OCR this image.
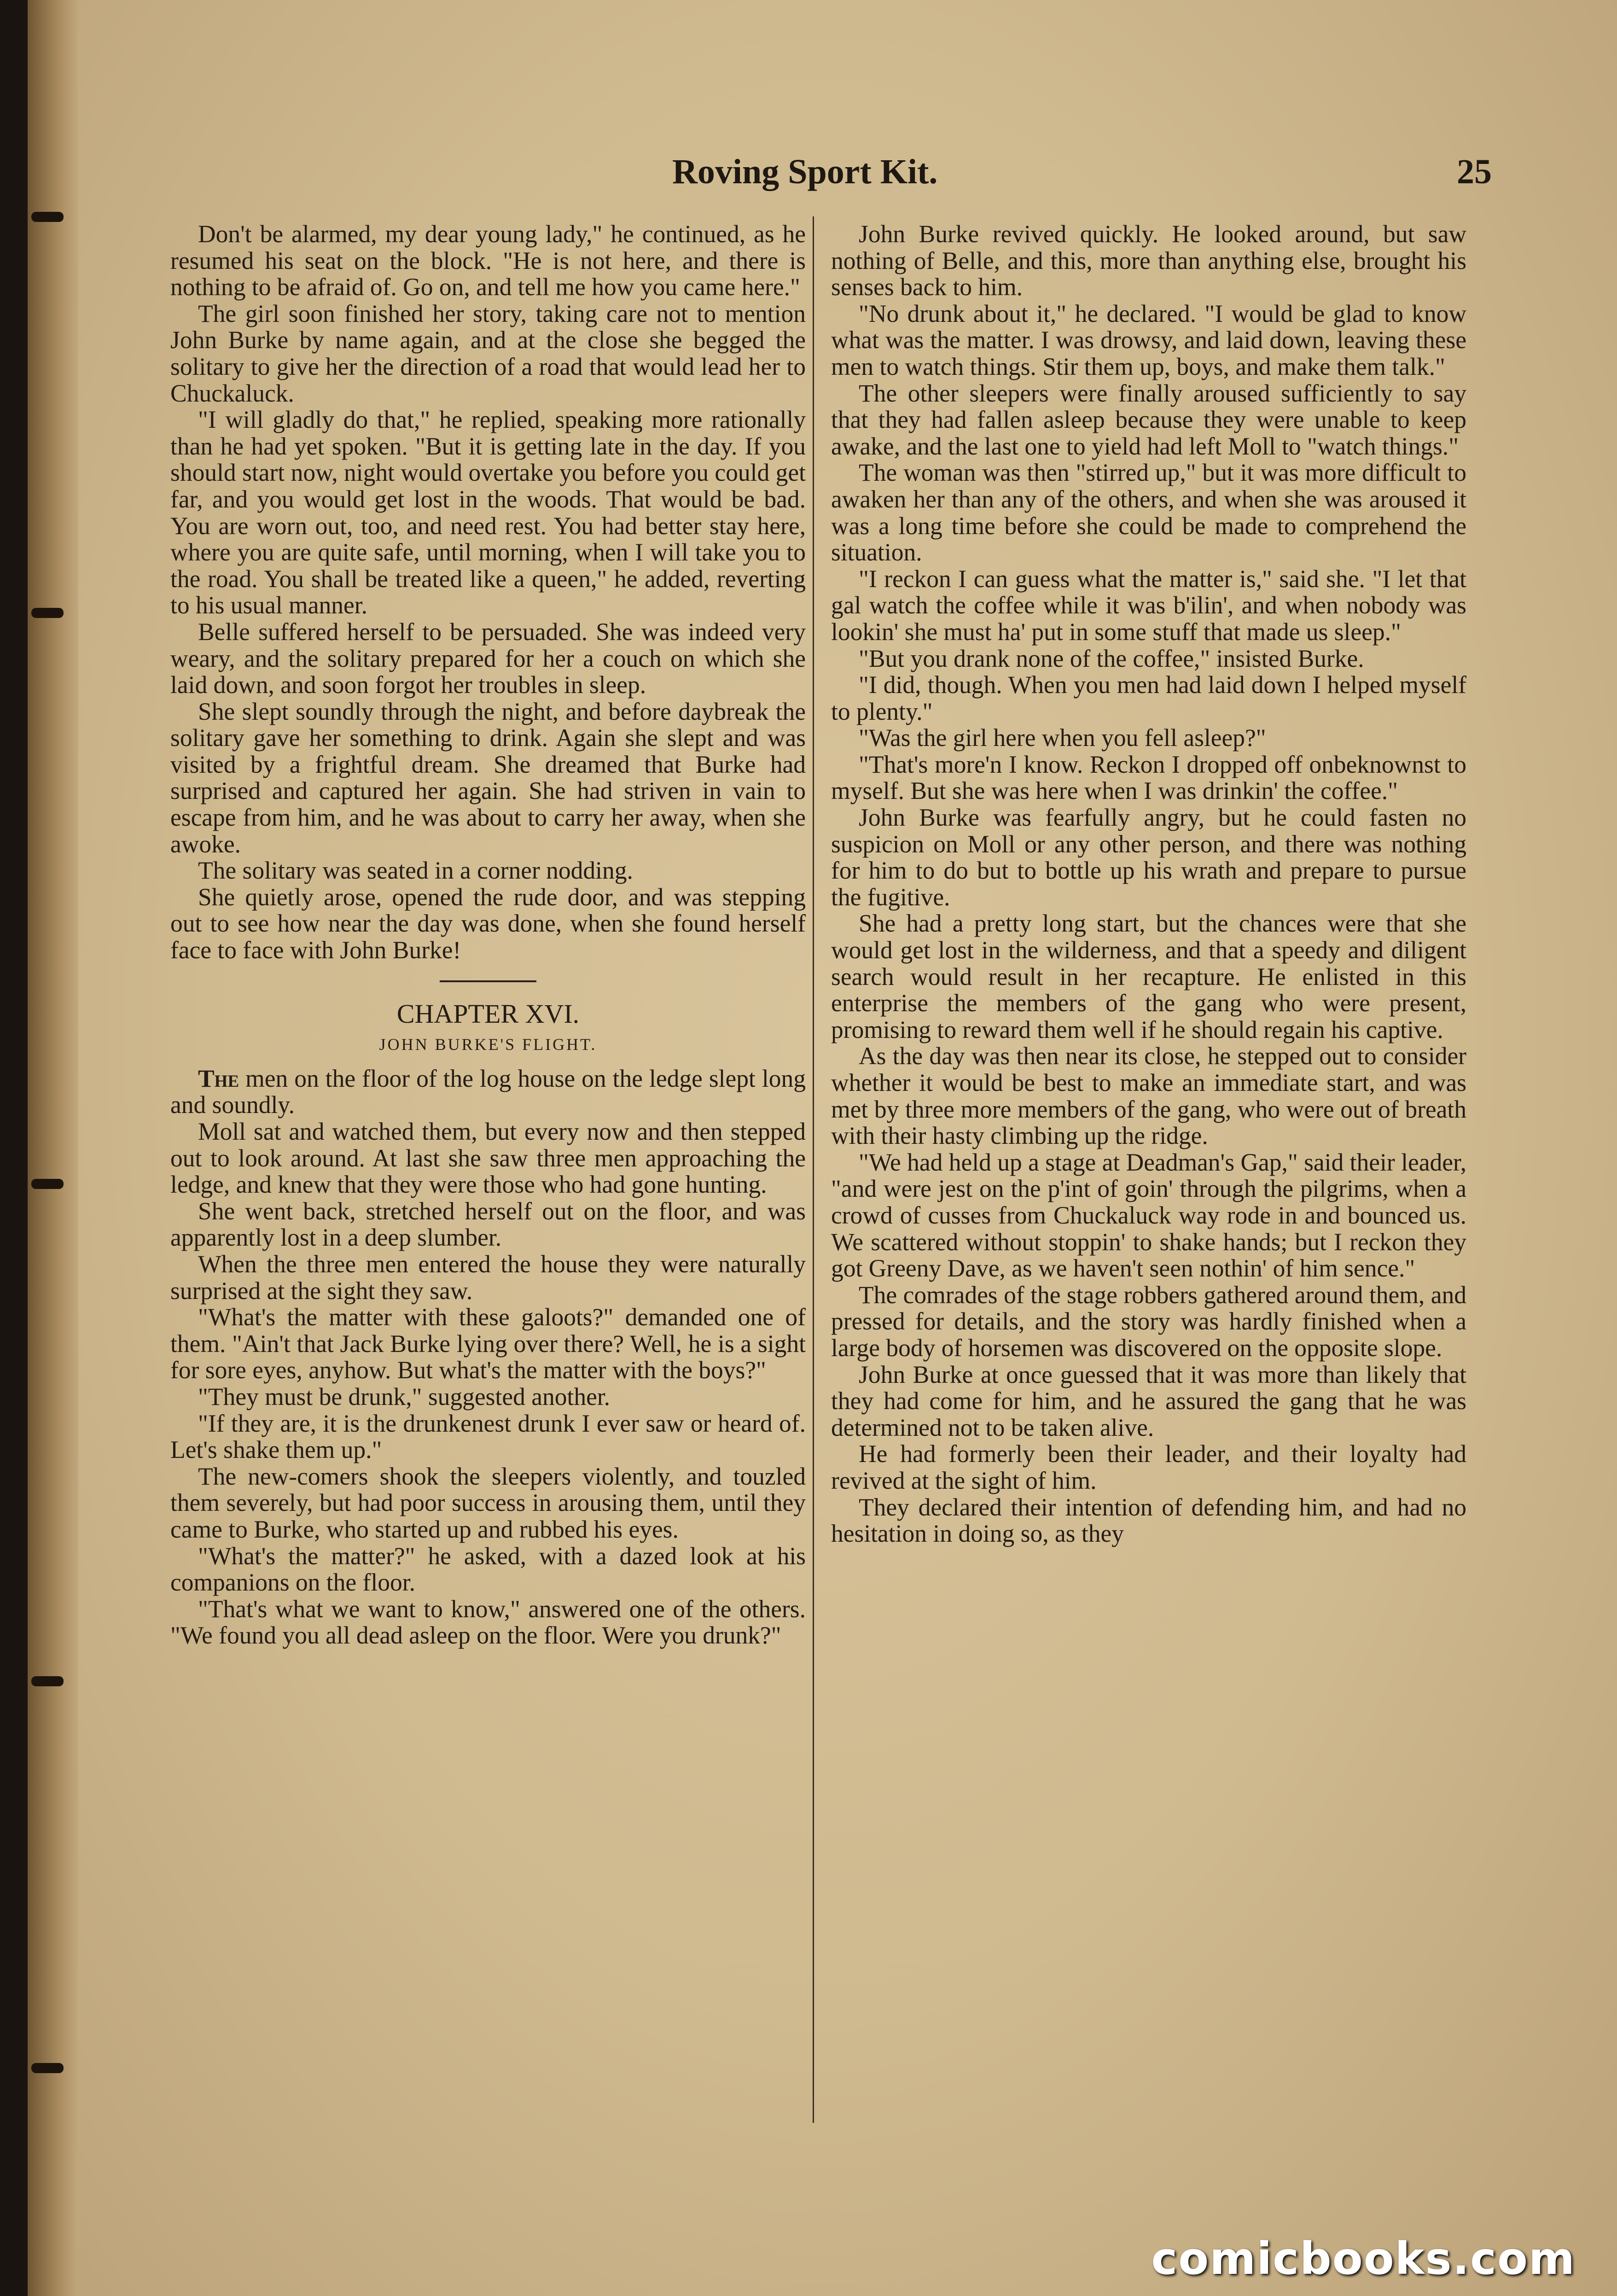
Roving Sport Kit.	25

Don't be alarmed, my dear young lady," he continued, as he resumed his seat on the block. "He is not here, and there is nothing to be afraid of. Go on, and tell me how you came here."

The girl soon finished her story, taking care not to mention John Burke by name again, and at the close she begged the solitary to give her the direction of a road that would lead her to Chuckaluck.

"I will gladly do that," he replied, speaking more rationally than he had yet spoken. "But it is getting late in the day. If you should start now, night would overtake you before you could get far, and you would get lost in the woods. That would be bad. You are worn out, too, and need rest. You had better stay here, where you are quite safe, until morning, when I will take you to the road. You shall be treated like a queen," he added, reverting to his usual manner.

Belle suffered herself to be persuaded. She was indeed very weary, and the solitary prepared for her a couch on which she laid down, and soon forgot her troubles in sleep.

She slept soundly through the night, and before daybreak the solitary gave her something to drink. Again she slept and was visited by a frightful dream. She dreamed that Burke had surprised and captured her again. She had striven in vain to escape from him, and he was about to carry her away, when she awoke.

The solitary was seated in a corner nodding.

She quietly arose, opened the rude door, and was stepping out to see how near the day was done, when she found herself face to face with John Burke!

CHAPTER XVI.
JOHN BURKE'S FLIGHT.

The men on the floor of the log house on the ledge slept long and soundly.

Moll sat and watched them, but every now and then stepped out to look around. At last she saw three men approaching the ledge, and knew that they were those who had gone hunting.

She went back, stretched herself out on the floor, and was apparently lost in a deep slumber.

When the three men entered the house they were naturally surprised at the sight they saw.

"What's the matter with these galoots?" demanded one of them. "Ain't that Jack Burke lying over there? Well, he is a sight for sore eyes, anyhow. But what's the matter with the boys?"

"They must be drunk," suggested another.

"If they are, it is the drunkenest drunk I ever saw or heard of. Let's shake them up."

The new-comers shook the sleepers violently, and touzled them severely, but had poor success in arousing them, until they came to Burke, who started up and rubbed his eyes.

"What's the matter?" he asked, with a dazed look at his companions on the floor.

"That's what we want to know," answered one of the others. "We found you all dead asleep on the floor. Were you drunk?"

John Burke revived quickly. He looked around, but saw nothing of Belle, and this, more than anything else, brought his senses back to him.

"No drunk about it," he declared. "I would be glad to know what was the matter. I was drowsy, and laid down, leaving these men to watch things. Stir them up, boys, and make them talk."

The other sleepers were finally aroused sufficiently to say that they had fallen asleep because they were unable to keep awake, and the last one to yield had left Moll to "watch things."

The woman was then "stirred up," but it was more difficult to awaken her than any of the others, and when she was aroused it was a long time before she could be made to comprehend the situation.

"I reckon I can guess what the matter is," said she. "I let that gal watch the coffee while it was b'ilin', and when nobody was lookin' she must ha' put in some stuff that made us sleep."

"But you drank none of the coffee," insisted Burke.

"I did, though. When you men had laid down I helped myself to plenty."

"Was the girl here when you fell asleep?"

"That's more'n I know. Reckon I dropped off onbeknownst to myself. But she was here when I was drinkin' the coffee."

John Burke was fearfully angry, but he could fasten no suspicion on Moll or any other person, and there was nothing for him to do but to bottle up his wrath and prepare to pursue the fugitive.

She had a pretty long start, but the chances were that she would get lost in the wilderness, and that a speedy and diligent search would result in her recapture. He enlisted in this enterprise the members of the gang who were present, promising to reward them well if he should regain his captive.

As the day was then near its close, he stepped out to consider whether it would be best to make an immediate start, and was met by three more members of the gang, who were out of breath with their hasty climbing up the ridge.

"We had held up a stage at Deadman's Gap," said their leader, "and were jest on the p'int of goin' through the pilgrims, when a crowd of cusses from Chuckaluck way rode in and bounced us. We scattered without stoppin' to shake hands; but I reckon they got Greeny Dave, as we haven't seen nothin' of him sence."

The comrades of the stage robbers gathered around them, and pressed for details, and the story was hardly finished when a large body of horsemen was discovered on the opposite slope.

John Burke at once guessed that it was more than likely that they had come for him, and he assured the gang that he was determined not to be taken alive.

He had formerly been their leader, and their loyalty had revived at the sight of him.

They declared their intention of defending him, and had no hesitation in doing so, as they

comicbooks.com
